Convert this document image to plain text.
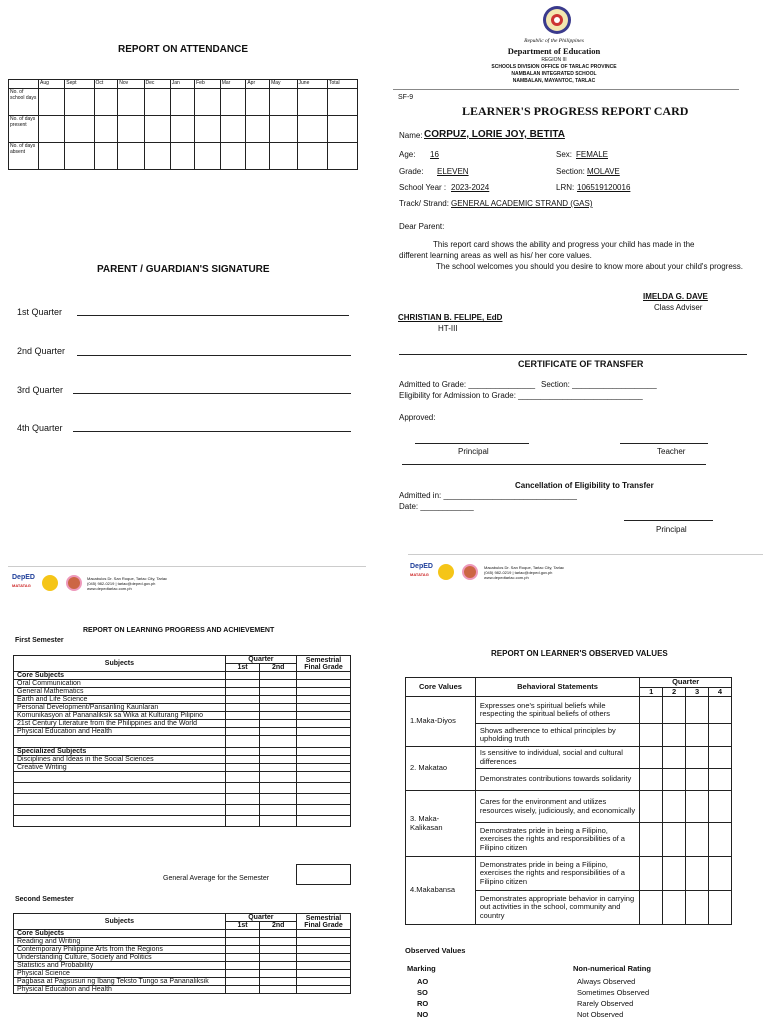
REPORT ON ATTENDANCE
	Aug	Sept	Oct	Nov	Dec	Jan	Feb	Mar	Apr	May	June	Total
No. of school days												
No. of days present												
No. of days absent												
PARENT / GUARDIAN'S SIGNATURE
1st Quarter
2nd Quarter
3rd Quarter
4th Quarter
Republic of the Philippines
Department of Education
REGION III
SCHOOLS DIVISION OFFICE OF TARLAC PROVINCE
NAMBALAN INTEGRATED SCHOOL
NAMBALAN, MAYANTOC, TARLAC
SF-9
LEARNER'S PROGRESS REPORT CARD
Name: CORPUZ, LORIE JOY, BETITA
Age: 16	Sex: FEMALE
Grade: ELEVEN	Section: MOLAVE
School Year : 2023-2024	LRN: 106519120016
Track/ Strand: GENERAL ACADEMIC STRAND (GAS)
Dear Parent:
This report card shows the ability and progress your child has made in the
different learning areas as well as his/ her core values.
The school welcomes you should you desire to know more about your child's progress.
IMELDA G. DAVE
Class Adviser
CHRISTIAN B. FELIPE, EdD
HT-III
CERTIFICATE OF TRANSFER
Admitted to Grade: _______________ Section: ___________________
Eligibility for Admission to Grade: ____________________________
Approved:
Principal	Teacher
Cancellation of Eligibility to Transfer
Admitted in: ______________________________
Date: ____________
Principal
DepED
MATATAG
Macabulos Dr. San Roque, Tarlac City, Tarlac
(045) 982-0219 | tarlac@deped.gov.ph
www.depedtarlac.com.ph
DepED
MATATAG
Macabulos Dr. San Roque, Tarlac City, Tarlac
(045) 982-0219 | tarlac@deped.gov.ph
www.depedtarlac.com.ph
REPORT ON LEARNING PROGRESS AND ACHIEVEMENT
First Semester
Subjects	Quarter		Semestrial Final Grade
	1st	2nd	
Core Subjects			
Oral Communication			
General Mathematics			
Earth and Life Science			
Personal Development/Pansariling Kaunlaran			
Komunikasyon at Pananaliksik sa Wika at Kulturang Pilipino			
21st Century Literature from the Philippines and the World			
Physical Education and Health			

Specialized Subjects			
Disciplines and Ideas in the Social Sciences			
Creative Writing			

General Average for the Semester
Second Semester
Subjects	Quarter		Semestrial Final Grade
	1st	2nd	
Core Subjects			
Reading and Writing			
Contemporary Philippine Arts from the Regions			
Understanding Culture, Society and Politics			
Statistics and Probability			
Physical Science			
Pagbasa at Pagsusuri ng Ibang Teksto Tungo sa Pananaliksik			
Physical Education and Health			
REPORT ON LEARNER'S OBSERVED VALUES
Core Values	Behavioral Statements	Quarter			
		1	2	3	4
1.Maka-Diyos	Expresses one's spiritual beliefs while respecting the spiritual beliefs of others				
	Shows adherence to ethical principles by upholding truth				
2. Makatao	Is sensitive to individual, social and cultural differences				
	Demonstrates contributions towards solidarity				
3. Maka-Kalikasan	Cares for the environment and utilizes resources wisely, judiciously, and economically				
	Demonstrates pride in being a Filipino, exercises the rights and responsibilities of a Filipino citizen				
4.Makabansa	Demonstrates pride in being a Filipino, exercises the rights and responsibilities of a Filipino citizen				
	Demonstrates appropriate behavior in carrying out activities in the school, community and country				
Observed Values
Marking	Non-numerical Rating
AO	Always Observed
SO	Sometimes Observed
RO	Rarely Observed
NO	Not Observed
